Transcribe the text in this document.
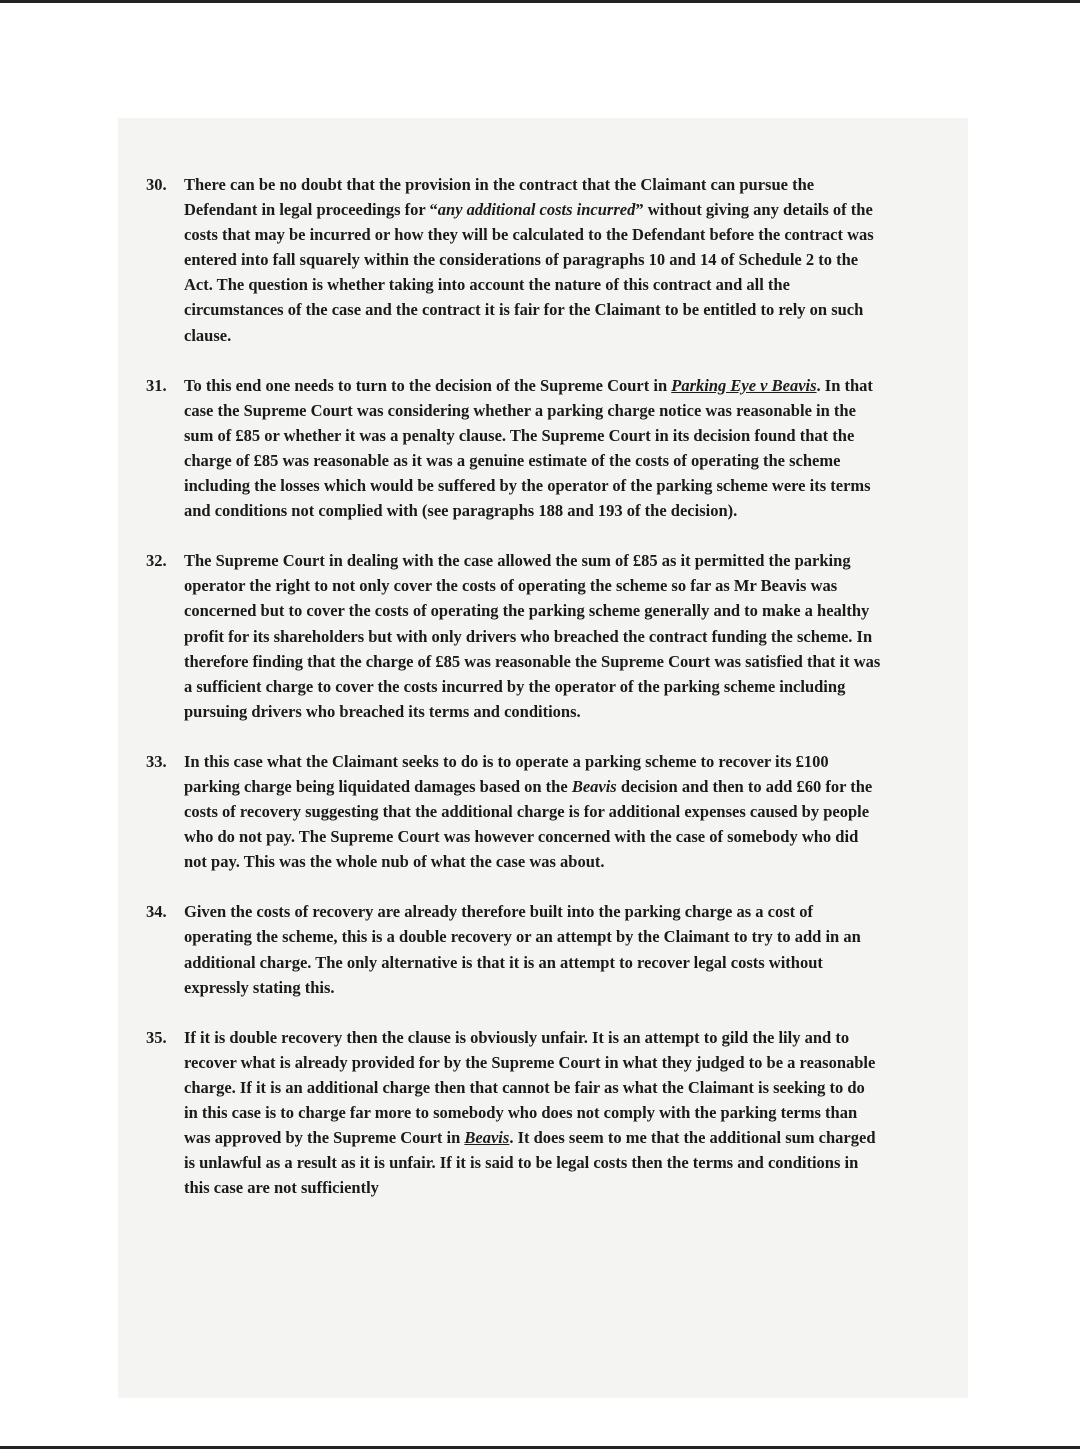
30. There can be no doubt that the provision in the contract that the Claimant can pursue the Defendant in legal proceedings for “any additional costs incurred” without giving any details of the costs that may be incurred or how they will be calculated to the Defendant before the contract was entered into fall squarely within the considerations of paragraphs 10 and 14 of Schedule 2 to the Act. The question is whether taking into account the nature of this contract and all the circumstances of the case and the contract it is fair for the Claimant to be entitled to rely on such clause.
31. To this end one needs to turn to the decision of the Supreme Court in Parking Eye v Beavis. In that case the Supreme Court was considering whether a parking charge notice was reasonable in the sum of £85 or whether it was a penalty clause. The Supreme Court in its decision found that the charge of £85 was reasonable as it was a genuine estimate of the costs of operating the scheme including the losses which would be suffered by the operator of the parking scheme were its terms and conditions not complied with (see paragraphs 188 and 193 of the decision).
32. The Supreme Court in dealing with the case allowed the sum of £85 as it permitted the parking operator the right to not only cover the costs of operating the scheme so far as Mr Beavis was concerned but to cover the costs of operating the parking scheme generally and to make a healthy profit for its shareholders but with only drivers who breached the contract funding the scheme. In therefore finding that the charge of £85 was reasonable the Supreme Court was satisfied that it was a sufficient charge to cover the costs incurred by the operator of the parking scheme including pursuing drivers who breached its terms and conditions.
33. In this case what the Claimant seeks to do is to operate a parking scheme to recover its £100 parking charge being liquidated damages based on the Beavis decision and then to add £60 for the costs of recovery suggesting that the additional charge is for additional expenses caused by people who do not pay. The Supreme Court was however concerned with the case of somebody who did not pay. This was the whole nub of what the case was about.
34. Given the costs of recovery are already therefore built into the parking charge as a cost of operating the scheme, this is a double recovery or an attempt by the Claimant to try to add in an additional charge. The only alternative is that it is an attempt to recover legal costs without expressly stating this.
35. If it is double recovery then the clause is obviously unfair. It is an attempt to gild the lily and to recover what is already provided for by the Supreme Court in what they judged to be a reasonable charge. If it is an additional charge then that cannot be fair as what the Claimant is seeking to do in this case is to charge far more to somebody who does not comply with the parking terms than was approved by the Supreme Court in Beavis. It does seem to me that the additional sum charged is unlawful as a result as it is unfair. If it is said to be legal costs then the terms and conditions in this case are not sufficiently
